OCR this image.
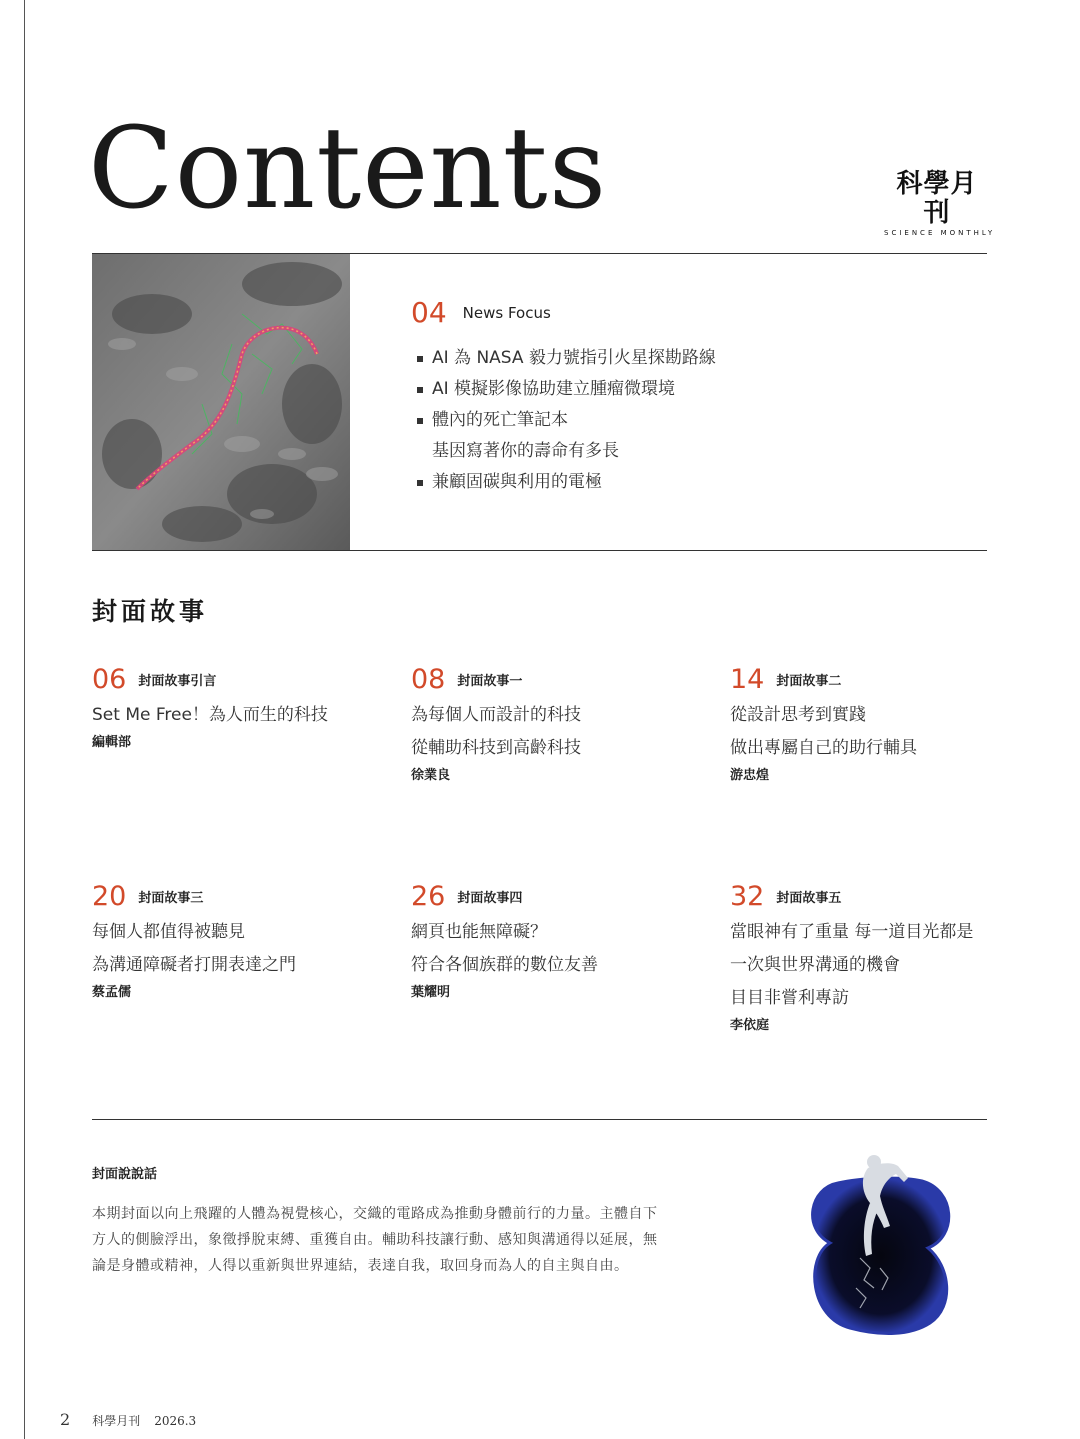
Contents	科學月刊
SCIENCE MONTHLY
04 News Focus
AI 為 NASA 毅力號指引火星探勘路線
AI 模擬影像協助建立腫瘤微環境
體內的死亡筆記本
基因寫著你的壽命有多長
兼顧固碳與利用的電極
封面故事
06 封面故事引言
Set Me Free！為人而生的科技
編輯部
08 封面故事一
為每個人而設計的科技
從輔助科技到高齡科技
徐業良
14 封面故事二
從設計思考到實踐
做出專屬自己的助行輔具
游忠煌
20 封面故事三
每個人都值得被聽見
為溝通障礙者打開表達之門
蔡孟儒
26 封面故事四
網頁也能無障礙？
符合各個族群的數位友善
葉耀明
32 封面故事五
當眼神有了重量 每一道目光都是
一次與世界溝通的機會
目目非嘗利專訪
李依庭
封面說說話

本期封面以向上飛躍的人體為視覺核心，交織的電路成為推動身體前行的力量。主體自下方人的側臉浮出，象徵掙脫束縛、重獲自由。輔助科技讓行動、感知與溝通得以延展，無論是身體或精神，人得以重新與世界連結，表達自我，取回身而為人的自主與自由。

2 科學月刊 2026.3
